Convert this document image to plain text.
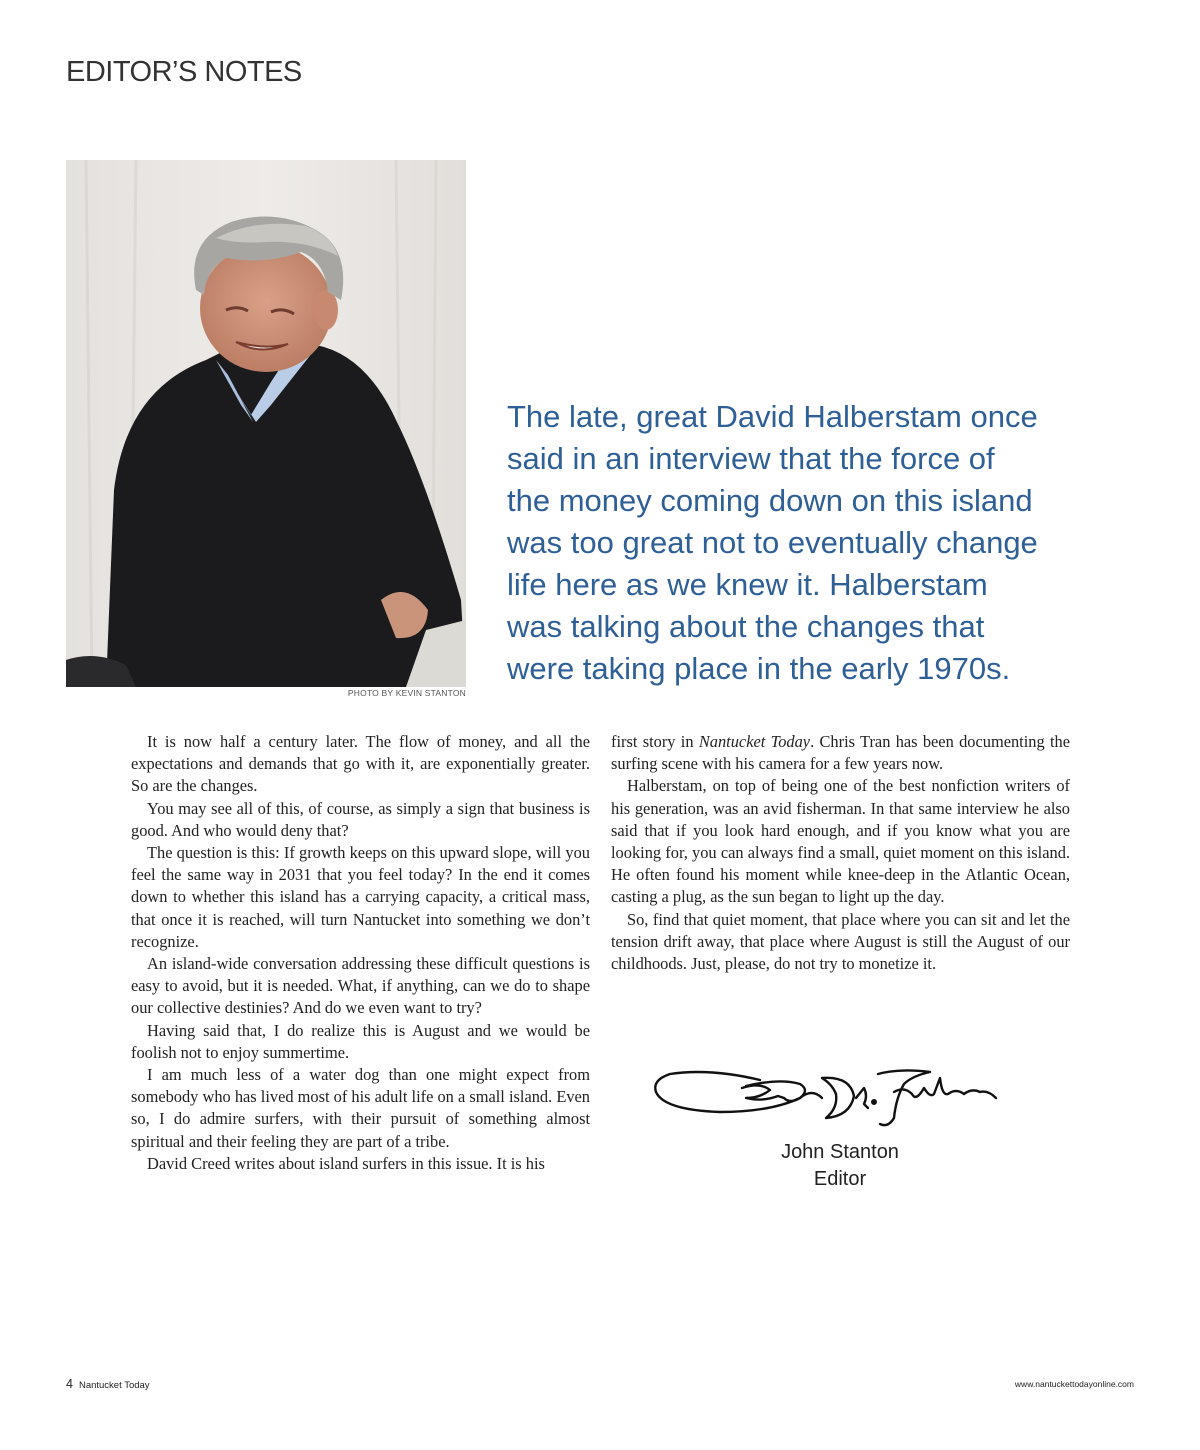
EDITOR’S NOTES
PHOTO BY KEVIN STANTON
The late, great David Halberstam once
said in an interview that the force of
the money coming down on this island
was too great not to eventually change
life here as we knew it. Halberstam
was talking about the changes that
were taking place in the early 1970s.

It is now half a century later. The flow of money, and all the expectations and demands that go with it, are exponentially greater. So are the changes.

You may see all of this, of course, as simply a sign that business is good. And who would deny that?

The question is this: If growth keeps on this upward slope, will you feel the same way in 2031 that you feel today? In the end it comes down to whether this island has a carrying capacity, a critical mass, that once it is reached, will turn Nantucket into something we don’t recognize.

An island-wide conversation addressing these difficult questions is easy to avoid, but it is needed. What, if anything, can we do to shape our collective destinies? And do we even want to try?

Having said that, I do realize this is August and we would be foolish not to enjoy summertime.

I am much less of a water dog than one might expect from somebody who has lived most of his adult life on a small island. Even so, I do admire surfers, with their pursuit of something almost spiritual and their feeling they are part of a tribe.

David Creed writes about island surfers in this issue. It is his

first story in Nantucket Today. Chris Tran has been documenting the surfing scene with his camera for a few years now.

Halberstam, on top of being one of the best nonfiction writers of his generation, was an avid fisherman. In that same interview he also said that if you look hard enough, and if you know what you are looking for, you can always find a small, quiet moment on this island. He often found his moment while knee-deep in the Atlantic Ocean, casting a plug, as the sun began to light up the day.

So, find that quiet moment, that place where you can sit and let the tension drift away, that place where August is still the August of our childhoods. Just, please, do not try to monetize it.

John Stanton
Editor
4 Nantucket Today	www.nantuckettodayonline.com
